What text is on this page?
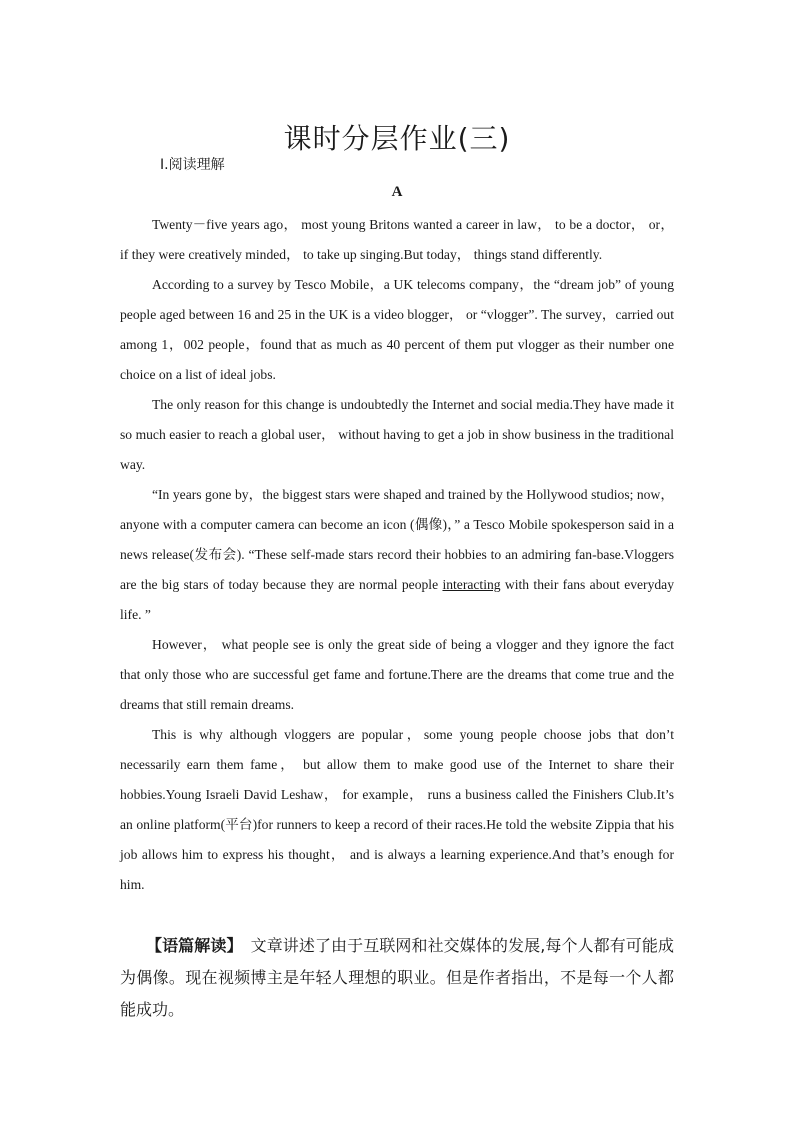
课时分层作业(三)
Ⅰ.阅读理解
A

Twenty－five years ago， most young Britons wanted a career in law， to be a doctor， or， if they were creatively minded， to take up singing.But today， things stand differently.

According to a survey by Tesco Mobile，a UK telecoms company，the “dream job” of young people aged between 16 and 25 in the UK is a video blogger， or “vlogger”. The survey，carried out among 1，002 people，found that as much as 40 percent of them put vlogger as their number one choice on a list of ideal jobs.

The only reason for this change is undoubtedly the Internet and social media.They have made it so much easier to reach a global user， without having to get a job in show business in the traditional way.

“In years gone by，the biggest stars were shaped and trained by the Hollywood studios; now， anyone with a computer camera can become an icon (偶像)，” a Tesco Mobile spokesperson said in a news release(发布会). “These self-made stars record their hobbies to an admiring fan-base.Vloggers are the big stars of today because they are normal people interacting with their fans about everyday life. ”

However， what people see is only the great side of being a vlogger and they ignore the fact that only those who are successful get fame and fortune.There are the dreams that come true and the dreams that still remain dreams.

This is why although vloggers are popular，some young people choose jobs that don’t necessarily earn them fame， but allow them to make good use of the Internet to share their hobbies.Young Israeli David Leshaw， for example， runs a business called the Finishers Club.It’s an online platform(平台)for runners to keep a record of their races.He told the website Zippia that his job allows him to express his thought， and is always a learning experience.And that’s enough for him.

【语篇解读】　文章讲述了由于互联网和社交媒体的发展,每个人都有可能成为偶像。现在视频博主是年轻人理想的职业。但是作者指出，不是每一个人都能成功。
